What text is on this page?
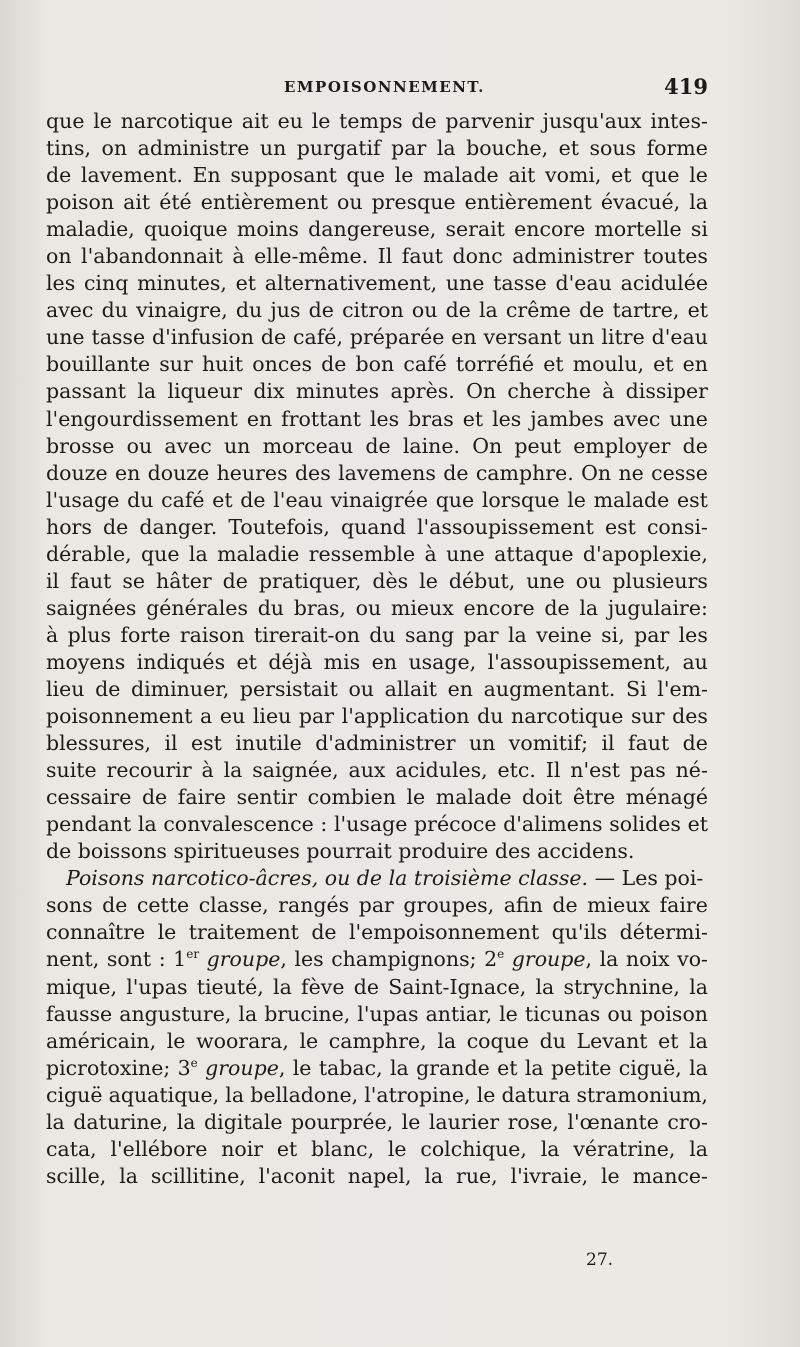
EMPOISONNEMENT.	419
que le narcotique ait eu le temps de parvenir jusqu'aux intes-
tins, on administre un purgatif par la bouche, et sous forme
de lavement. En supposant que le malade ait vomi, et que le
poison ait été entièrement ou presque entièrement évacué, la
maladie, quoique moins dangereuse, serait encore mortelle si
on l'abandonnait à elle-même. Il faut donc administrer toutes
les cinq minutes, et alternativement, une tasse d'eau acidulée
avec du vinaigre, du jus de citron ou de la crême de tartre, et
une tasse d'infusion de café, préparée en versant un litre d'eau
bouillante sur huit onces de bon café torréfié et moulu, et en
passant la liqueur dix minutes après. On cherche à dissiper
l'engourdissement en frottant les bras et les jambes avec une
brosse ou avec un morceau de laine. On peut employer de
douze en douze heures des lavemens de camphre. On ne cesse
l'usage du café et de l'eau vinaigrée que lorsque le malade est
hors de danger. Toutefois, quand l'assoupissement est consi-
dérable, que la maladie ressemble à une attaque d'apoplexie,
il faut se hâter de pratiquer, dès le début, une ou plusieurs
saignées générales du bras, ou mieux encore de la jugulaire:
à plus forte raison tirerait-on du sang par la veine si, par les
moyens indiqués et déjà mis en usage, l'assoupissement, au
lieu de diminuer, persistait ou allait en augmentant. Si l'em-
poisonnement a eu lieu par l'application du narcotique sur des
blessures, il est inutile d'administrer un vomitif; il faut de
suite recourir à la saignée, aux acidules, etc. Il n'est pas né-
cessaire de faire sentir combien le malade doit être ménagé
pendant la convalescence : l'usage précoce d'alimens solides et
de boissons spiritueuses pourrait produire des accidens.
Poisons narcotico-âcres, ou de la troisième classe. — Les poi-
sons de cette classe, rangés par groupes, afin de mieux faire
connaître le traitement de l'empoisonnement qu'ils détermi-
nent, sont : 1er groupe, les champignons; 2e groupe, la noix vo-
mique, l'upas tieuté, la fève de Saint-Ignace, la strychnine, la
fausse angusture, la brucine, l'upas antiar, le ticunas ou poison
américain, le woorara, le camphre, la coque du Levant et la
picrotoxine; 3e groupe, le tabac, la grande et la petite ciguë, la
ciguë aquatique, la belladone, l'atropine, le datura stramonium,
la daturine, la digitale pourprée, le laurier rose, l'œnante cro-
cata, l'ellébore noir et blanc, le colchique, la vératrine, la
scille, la scillitine, l'aconit napel, la rue, l'ivraie, le mance-
27.
